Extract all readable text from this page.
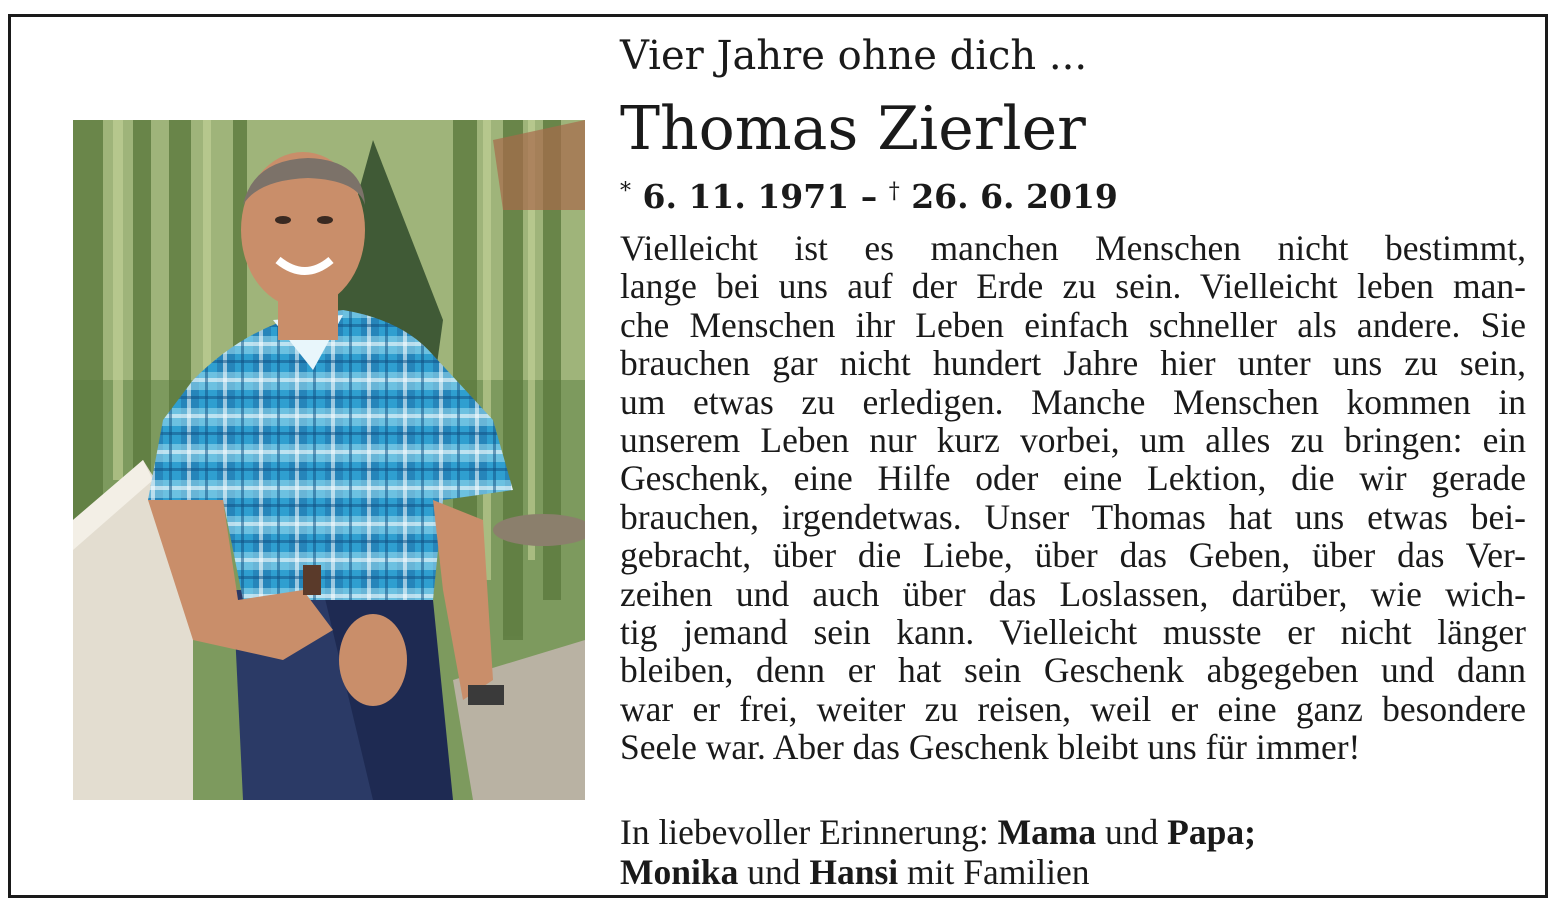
Vier Jahre ohne dich ...
Thomas Zierler
* 6. 11. 1971 – † 26. 6. 2019
Vielleicht ist es manchen Menschen nicht bestimmt,
lange bei uns auf der Erde zu sein. Vielleicht leben man-
che Menschen ihr Leben einfach schneller als andere. Sie
brauchen gar nicht hundert Jahre hier unter uns zu sein,
um etwas zu erledigen. Manche Menschen kommen in
unserem Leben nur kurz vorbei, um alles zu bringen: ein
Geschenk, eine Hilfe oder eine Lektion, die wir gerade
brauchen, irgendetwas. Unser Thomas hat uns etwas bei-
gebracht, über die Liebe, über das Geben, über das Ver-
zeihen und auch über das Loslassen, darüber, wie wich-
tig jemand sein kann. Vielleicht musste er nicht länger
bleiben, denn er hat sein Geschenk abgegeben und dann
war er frei, weiter zu reisen, weil er eine ganz besondere
Seele war. Aber das Geschenk bleibt uns für immer!
In liebevoller Erinnerung: Mama und Papa;
Monika und Hansi mit Familien
